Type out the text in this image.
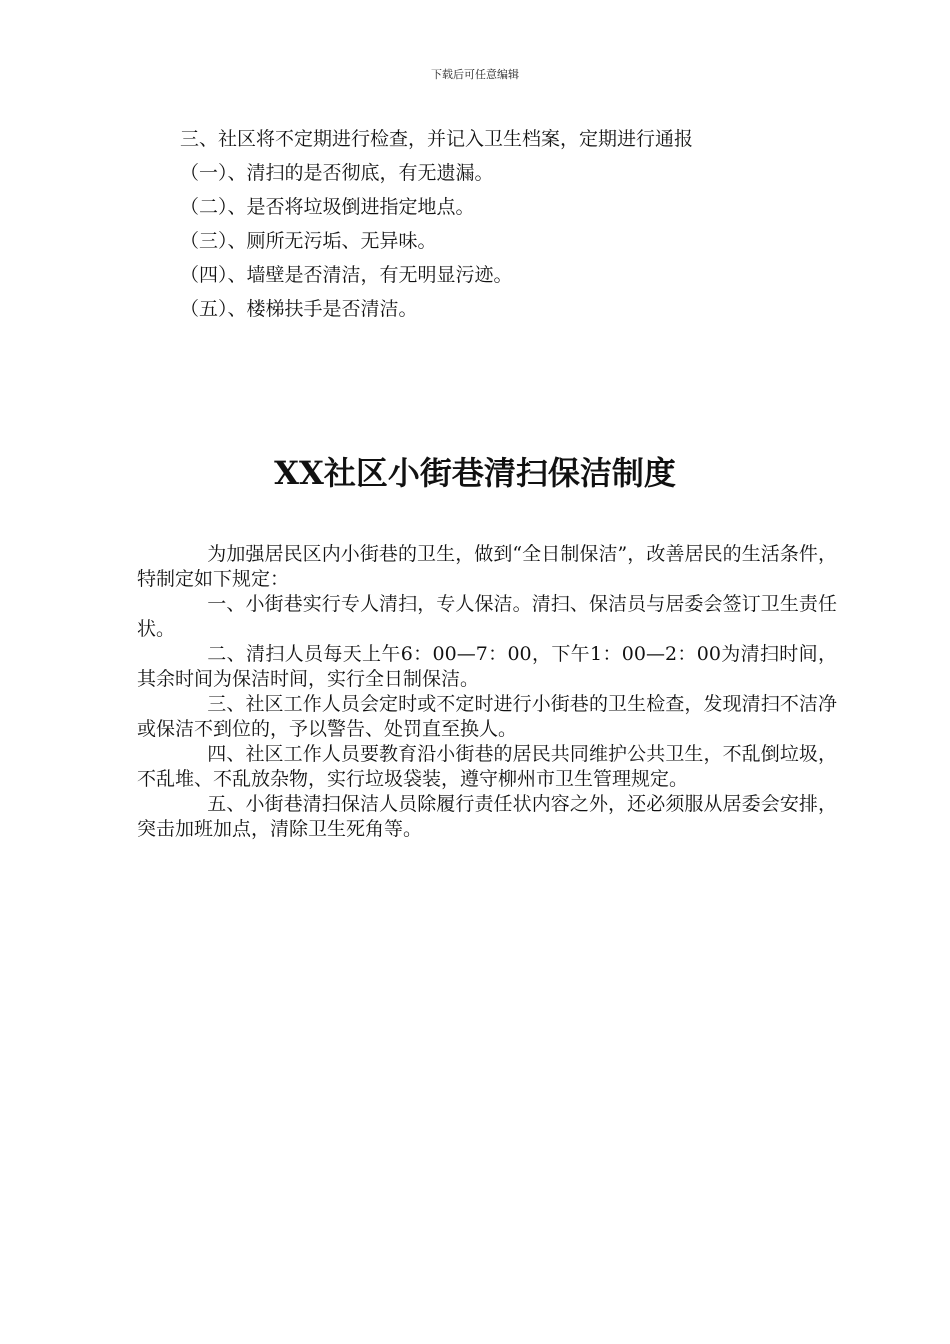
下载后可任意编辑
三、社区将不定期进行检查，并记入卫生档案，定期进行通报
（一）、清扫的是否彻底，有无遗漏。
（二）、是否将垃圾倒进指定地点。
（三）、厕所无污垢、无异味。
（四）、墙壁是否清洁，有无明显污迹。
（五）、楼梯扶手是否清洁。
XX社区小街巷清扫保洁制度

为加强居民区内小街巷的卫生，做到“全日制保洁”，改善居民的生活条件，特制定如下规定：

一、小街巷实行专人清扫，专人保洁。清扫、保洁员与居委会签订卫生责任状。

二、清扫人员每天上午6：00—7：00，下午1：00—2：00为清扫时间，其余时间为保洁时间，实行全日制保洁。

三、社区工作人员会定时或不定时进行小街巷的卫生检查，发现清扫不洁净或保洁不到位的，予以警告、处罚直至换人。

四、社区工作人员要教育沿小街巷的居民共同维护公共卫生，不乱倒垃圾，不乱堆、不乱放杂物，实行垃圾袋装，遵守柳州市卫生管理规定。

五、小街巷清扫保洁人员除履行责任状内容之外，还必须服从居委会安排，突击加班加点，清除卫生死角等。
